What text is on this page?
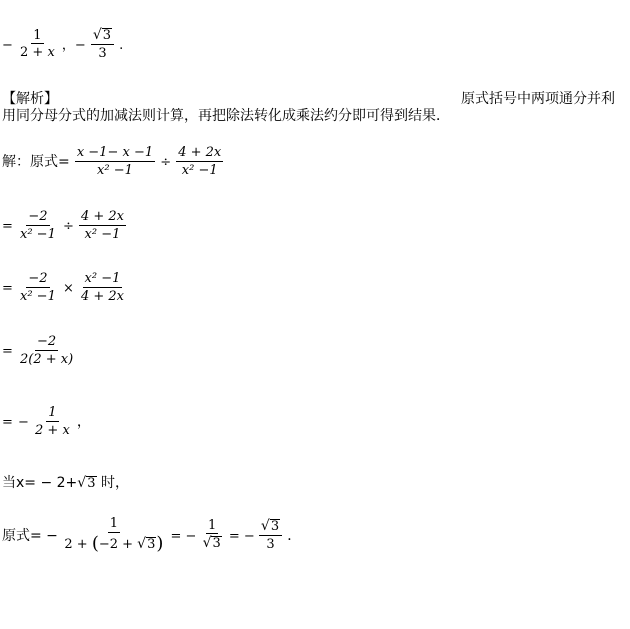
− $\frac{1}{2 + x}$ ，− $\frac{√ 3}{3}$ .
【解析】	原式括号中两项通分并利
用同分母分式的加减法则计算，再把除法转化成乘法约分即可得到结果．
解：原式= $\frac{x -1- x -1}{\text{x² −1}} \div \frac{4 + 2x}{\text{x² −1}}$
= $\frac{-2}{\text{x² −1}} \div \frac{4 + 2x}{\text{x² −1}}$
= $\frac{-2}{\text{x² −1}} \times \frac{\text{x² −1}}{4 + 2x}$
= $\frac{-2}{2(2 + x)}$
= − $\frac{1}{2 + x}$ ，
当x= − 2+ √ 3 时，
原式= − $\frac{1}{2 + (-2 + √ 3 )}$ = − $\frac{1}{√ 3}$ = − $\frac{√ 3}{3}$ ．
